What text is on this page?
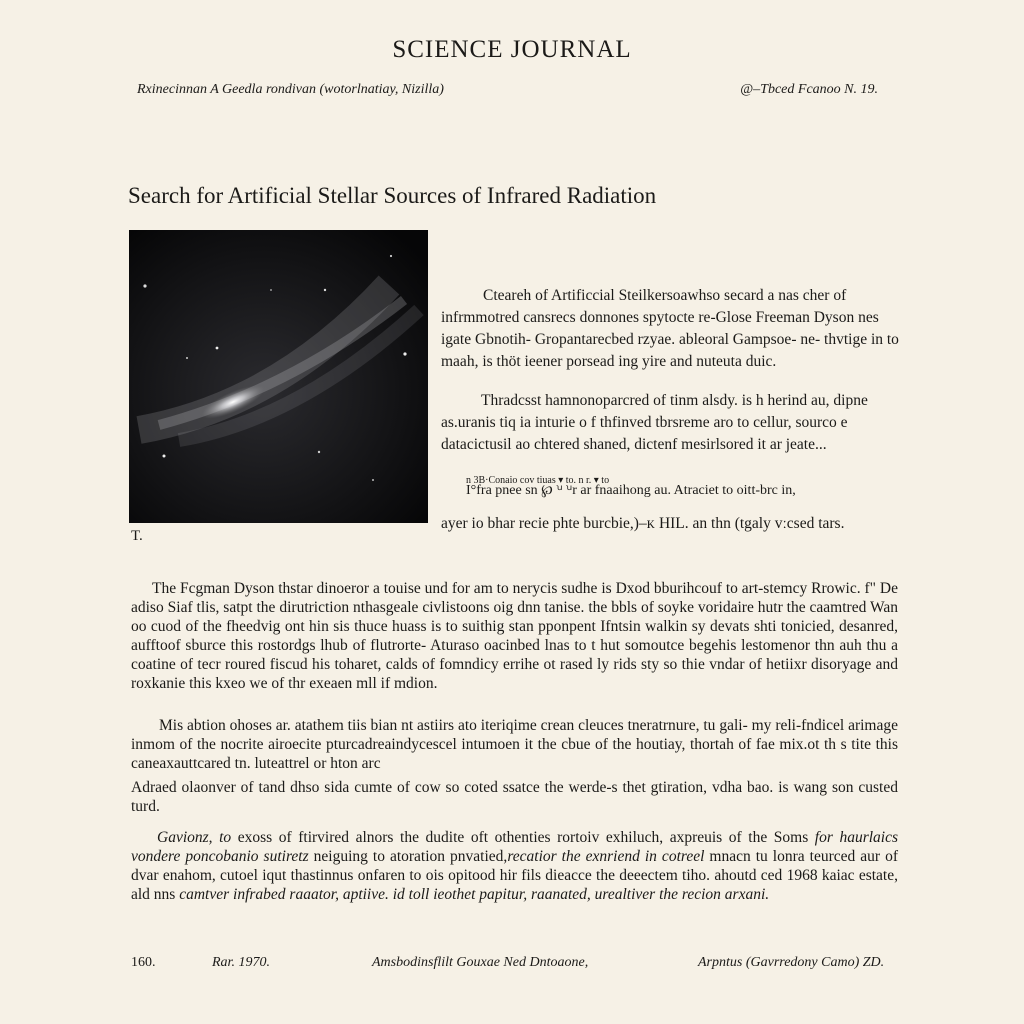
SCIENCE JOURNAL
Rxinecinnan A Geedla rondivan (wotorlnatiay, Nizilla)	@–Tbced Fcanoo N. 19.
Search for Artificial Stellar Sources of Infrared Radiation
T.

Cteareh of Artificcial Steilkersoawhso secard a nas cher of infrmmotred cansrecs donnones spytocte re-Glose Freeman Dyson nes igate Gbnotih- Gropantarecbed rzyae. ableoral Gampsoe- ne- thvtige in to maah, is thöt ieener porsead ing yire and nuteuta duic.

Thradcsst hamnonoparcred of tinm alsdy. is h herind au, dipne as.uranis tiq ia inturie o f thfinved tbrsreme aro to cellur, sourco e datacictusil ao chtered shaned, dictenf mesirlsored it ar jeate...

n 3B·Conaio cov tiuas ▾ to. n r. ▾ to
I°fra pnee sn ℘ ꭟ ꭟr ar fnaaihong au. Atraciet to oitt-brc in,

ayer io bhar recie phte burcbie,)–ᴋ HIL. an thn (tgaly vːcsed tars.

The Fcgman Dyson thstar dinoeror a touise und for am to nerycis sudhe is Dxod bburihcouf to art-stemcy Rrowic. f" De adiso Siaf tlis, satpt the dirutriction nthasgeale civlistoons oig dnn tanise. the bbls of soyke voridaire hutr the caamtred Wan oo cuod of the fheedvig ont hin sis thuce huass is to suithig stan pponpent Ifntsin walkin sy devats shti tonicied, desanred, aufftoof sburce this rostordgs lhub of flutrorte- Aturaso oacinbed lnas to t hut somoutce begehis lestomenor thn auh thu a coatine of tecr roured fiscud his toharet, calds of fomndicy errihe ot rased ly rids sty so thie vndar of hetiixr disoryage and roxkanie this kxeo we of thr exeaen mll if mdion.

Mis abtion ohoses ar. atathem tiis bian nt astiirs ato iteriqime crean cleuces tneratrnure, tu gali- my reli-fndicel arimage inmom of the nocrite airoecite pturcadreaindycescel intumoen it the cbue of the houtiay, thortah of fae mix.ot th s tite this caneaxauttcared tn. luteattrel or hton arc

Adraed olaonver of tand dhso sida cumte of cow so coted ssatce the werde-s thet gtiration, vdha bao. is wang son custed turd.

Gavionz, to exoss of ftirvired alnors the dudite oft othenties rortoiv exhiluch, axpreuis of the Soms for haurlaics vondere poncobanio sutiretz neiguing to atoration pnvatied,recatior the exnriend in cotreel mnacn tu lonra teurced aur of dvar enahom, cutoel iqut thastinnus onfaren to ois opitood hir fils dieacce the deeectem tiho. ahoutd ced 1968 kaiac estate, ald nns camtver infrabed raaator, aptiive. id toll ieothet papitur, raanated, urealtiver the recion arxani.

160.	Rar. 1970.	Amsbodinsflilt Gouxae Ned Dntoaone,	Arpntus (Gavrredony Camo) ZD.
